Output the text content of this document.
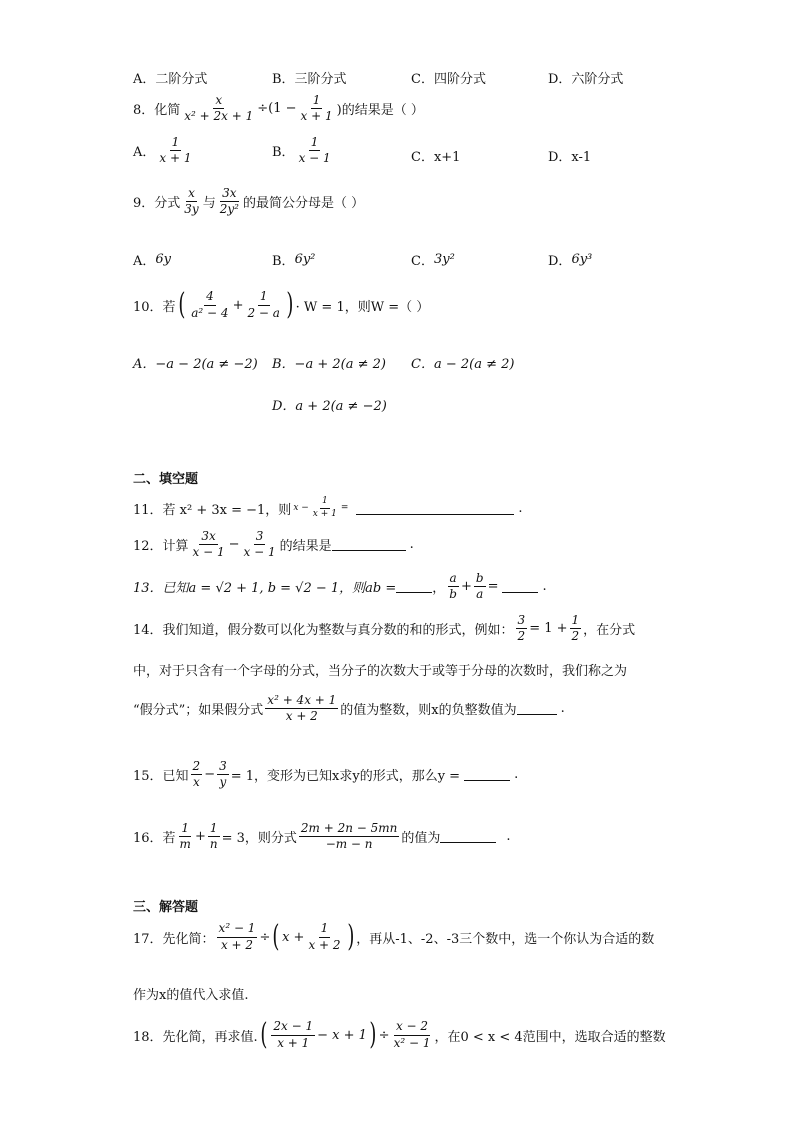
A．二阶分式	B．三阶分式	C．四阶分式	D．六阶分式
8．化简 $\frac{x}{\text{x² + 2x + 1}} \div(1 - \frac{1}{x + 1}$ )的结果是（ ）
A． $\frac{1}{x + 1}$	B． $\frac{1}{x - 1}$	C．x+1	D．x-1
9．分式 $\frac{x}{3y}$ 与 $\frac{3x}{\text{2y²}}$ 的最简公分母是（ ）
A． 6y	B． 6y²	C． 3y²	D． 6y³
10．若 ( $\frac{4}{\text{a² − 4}} + \frac{1}{2 - a}$ ) · W = 1，则W =（ ）
A．−a − 2(a ≠ −2) B．−a + 2(a ≠ 2) C．a − 2(a ≠ 2)
D．a + 2(a ≠ −2)
二、填空题
11．若 x² + 3x = −1，则 $x - \frac{1}{x + 1}$ =	.
12．计算 $\frac{3x}{x - 1} - \frac{3}{x - 1}$ 的结果是	.
13．已知a = √2 + 1, b = √2 − 1，则ab =	， $\frac{a}{b} + \frac{b}{a}$ =	.
14．我们知道，假分数可以化为整数与真分数的和的形式，例如： $\frac{3}{2} = 1 + \frac{1}{2}$ ，在分式
中，对于只含有一个字母的分式，当分子的次数大于或等于分母的次数时，我们称之为
“假分式”；如果假分式 $\frac{\text{x² + 4x + 1}}{x + 2}$ 的值为整数，则x的负整数值为	.
15．已知 $\frac{2}{x} - \frac{3}{y} = 1$，变形为已知x求y的形式，那么y =	.
16．若 $\frac{1}{m} + \frac{1}{n} = 3$，则分式 $\frac{2m + 2n - 5mn}{-m - n}$ 的值为	.
三、解答题
17．先化简： $\frac{\text{x² − 1}}{x + 2}$ ÷ ( $x + \frac{1}{x + 2}$ ) ，再从-1、-2、-3三个数中，选一个你认为合适的数
作为x的值代入求值.
18．先化简，再求值. ( $\frac{2x - 1}{x + 1} - x + 1$ ) ÷ $\frac{x - 2}{\text{x² − 1}}$ ，在0 < x < 4范围中，选取合适的整数
